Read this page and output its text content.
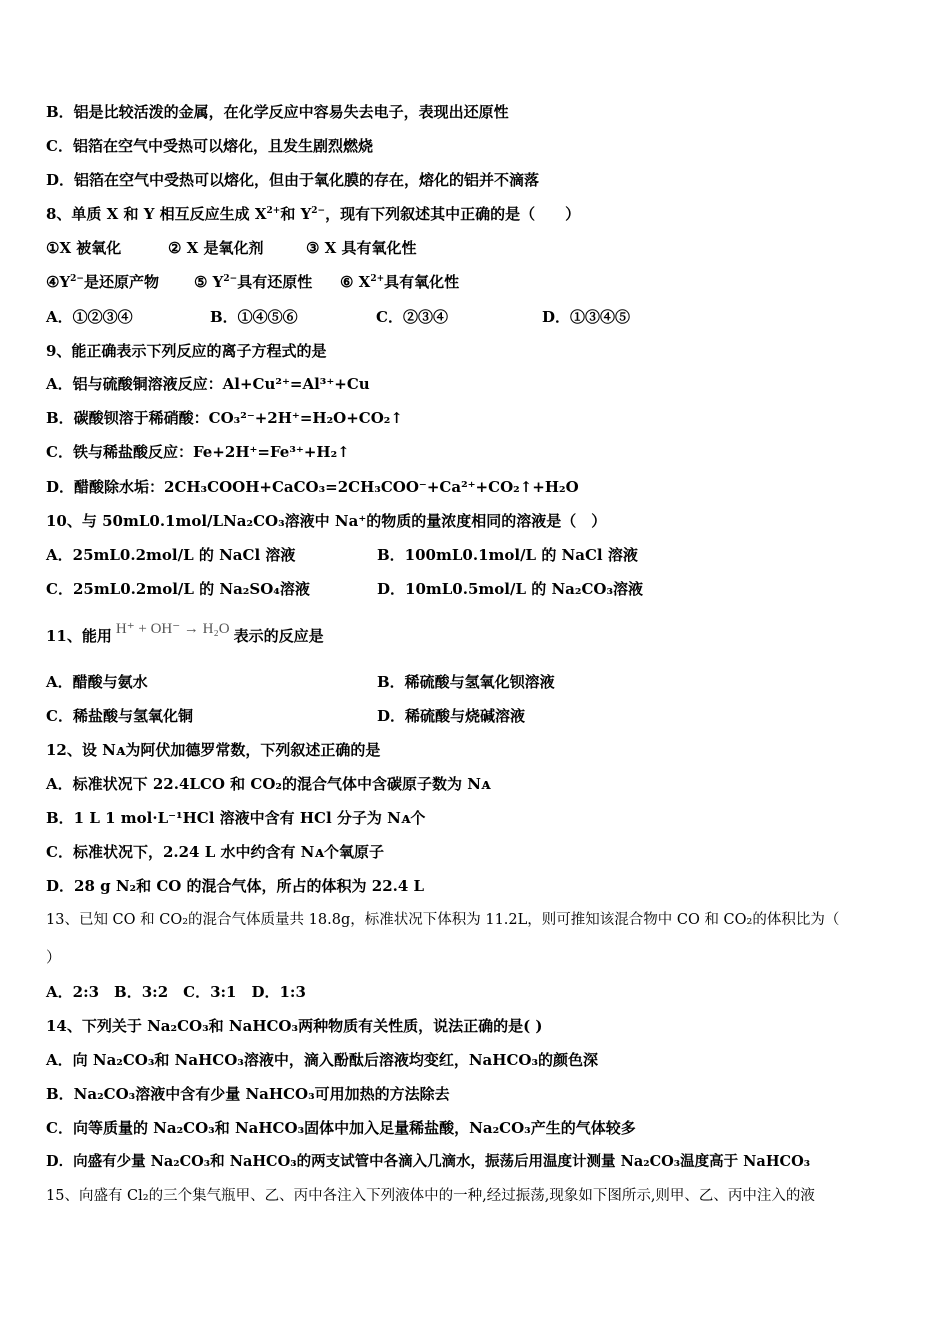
B．铝是比较活泼的金属，在化学反应中容易失去电子，表现出还原性
C．铝箔在空气中受热可以熔化，且发生剧烈燃烧
D．铝箔在空气中受热可以熔化，但由于氧化膜的存在，熔化的铝并不滴落
8、单质 X 和 Y 相互反应生成 $X^{2+}$和 $Y^{2-}$，现有下列叙述其中正确的是（　　）
①X 被氧化	② X 是氧化剂	③ X 具有氧化性
$④Y^{2-}$是还原产物 ⑤ $Y^{2-}$具有还原性 ⑥ $X^{2+}$具有氧化性
A．①②③④	B．①④⑤⑥	C．②③④	D．①③④⑤
9、能正确表示下列反应的离子方程式的是
A．铝与硫酸铜溶液反应：Al+Cu²⁺=Al³⁺+Cu
B．碳酸钡溶于稀硝酸：CO₃²⁻+2H⁺=H₂O+CO₂↑
C．铁与稀盐酸反应：Fe+2H⁺=Fe³⁺+H₂↑
D．醋酸除水垢：2CH₃COOH+CaCO₃=2CH₃COO⁻+Ca²⁺+CO₂↑+H₂O
10、与 50mL0.1mol/LNa₂CO₃溶液中 Na⁺的物质的量浓度相同的溶液是（　）
A．25mL0.2mol/L 的 NaCl 溶液	B．100mL0.1mol/L 的 NaCl 溶液
C．25mL0.2mol/L 的 Na₂SO₄溶液	D．10mL0.5mol/L 的 Na₂CO₃溶液
11、能用 H⁺ + OH⁻ → H₂O 表示的反应是
A．醋酸与氨水	B．稀硫酸与氢氧化钡溶液
C．稀盐酸与氢氧化铜	D．稀硫酸与烧碱溶液
12、设 Nᴀ为阿伏加德罗常数，下列叙述正确的是
A．标准状况下 22.4LCO 和 CO₂的混合气体中含碳原子数为 Nᴀ
B．1 L 1 mol·L⁻¹HCl 溶液中含有 HCl 分子为 Nᴀ个
C．标准状况下，2.24 L 水中约含有 Nᴀ个氧原子
D．28 g N₂和 CO 的混合气体，所占的体积为 22.4 L
13、已知 CO 和 CO₂的混合气体质量共 18.8g，标准状况下体积为 11.2L，则可推知该混合物中 CO 和 CO₂的体积比为（
）
A．2:3　B．3:2　C．3:1　D．1:3
14、下列关于 Na₂CO₃和 NaHCO₃两种物质有关性质，说法正确的是( )
A．向 Na₂CO₃和 NaHCO₃溶液中，滴入酚酞后溶液均变红，NaHCO₃的颜色深
B．Na₂CO₃溶液中含有少量 NaHCO₃可用加热的方法除去
C．向等质量的 Na₂CO₃和 NaHCO₃固体中加入足量稀盐酸，Na₂CO₃产生的气体较多
D．向盛有少量 Na₂CO₃和 NaHCO₃的两支试管中各滴入几滴水，振荡后用温度计测量 Na₂CO₃温度高于 NaHCO₃
15、向盛有 Cl₂的三个集气瓶甲、乙、丙中各注入下列液体中的一种,经过振荡,现象如下图所示,则甲、乙、丙中注入的液
